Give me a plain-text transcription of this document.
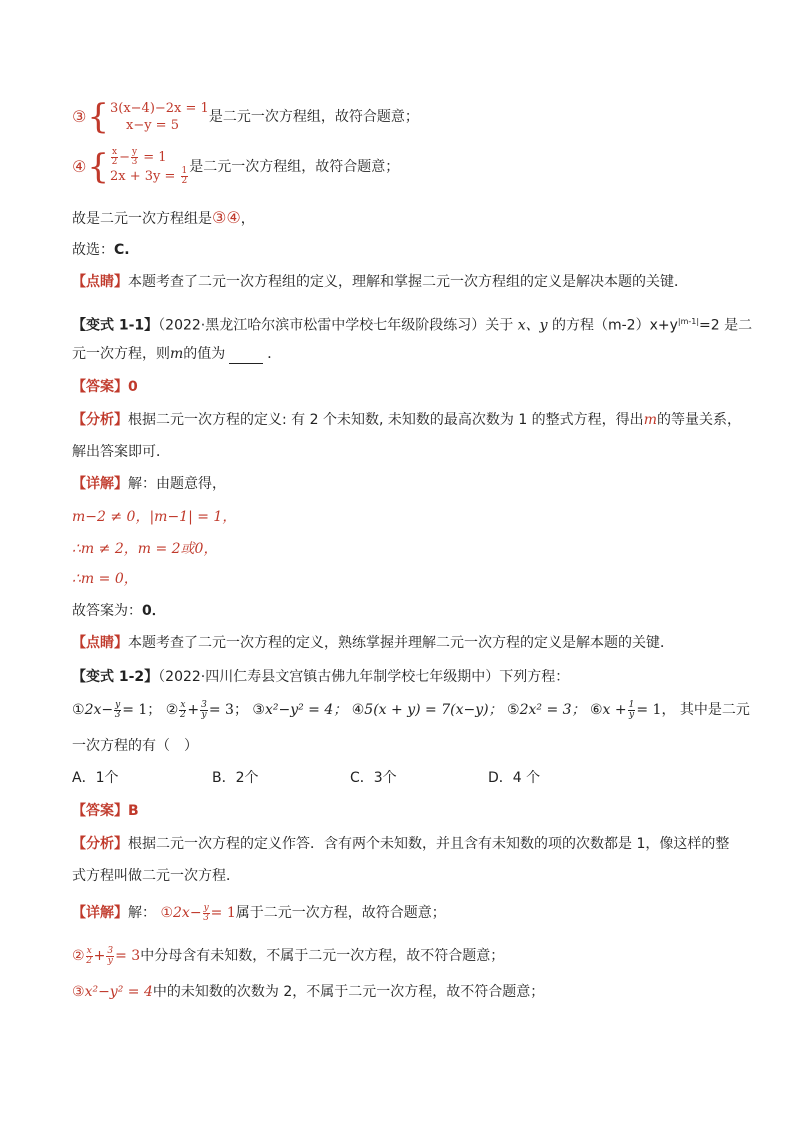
③ { 3(x−4)−2x = 1
x−y = 5
是二元一次方程组，故符合题意；
④ { $\frac{x}{2} - \frac{y}{3} = 1$
$2x + 3y = \frac{1}{2}$ 是二元一次方程组，故符合题意；
故是二元一次方程组是③④，
故选：C.
【点睛】本题考查了二元一次方程组的定义，理解和掌握二元一次方程组的定义是解决本题的关键．
【变式 1-1】（2022·黑龙江哈尔滨市松雷中学校七年级阶段练习）关于 x、y 的方程$(m-2)x+y^{|m-1|}=2$ 是二
元一次方程，则m的值为	．
【答案】0
【分析】根据二元一次方程的定义: 有 2 个未知数, 未知数的最高次数为 1 的整式方程，得出m的等量关系，
解出答案即可．
【详解】解：由题意得，
m−2 ≠ 0，|m−1| = 1，
∴m ≠ 2，m = 2或0，
∴m = 0，
故答案为：0．
【点睛】本题考查了二元一次方程的定义，熟练掌握并理解二元一次方程的定义是解本题的关键．
【变式 1-2】（2022·四川仁寿县文宫镇古佛九年制学校七年级期中）下列方程：
①2x− $\frac{y}{3} = 1$； ② $\frac{x}{2} + \frac{3}{y} = 3$； ③x²−y² = 4； ④5(x + y) = 7(x−y)； ⑤2x² = 3； ⑥x + $\frac{1}{y} = 1$， 其中是二元
一次方程的有（　）
A．1个	B．2个	C．3个	D．4 个
【答案】B
【分析】根据二元一次方程的定义作答．含有两个未知数，并且含有未知数的项的次数都是 1，像这样的整
式方程叫做二元一次方程．
【详解】解： ①2x− $\frac{y}{3} = 1$属于二元一次方程，故符合题意；
② $\frac{x}{2} + \frac{3}{y} = 3$中分母含有未知数，不属于二元一次方程，故不符合题意；
③x²−y² = 4中的未知数的次数为 2，不属于二元一次方程，故不符合题意；
